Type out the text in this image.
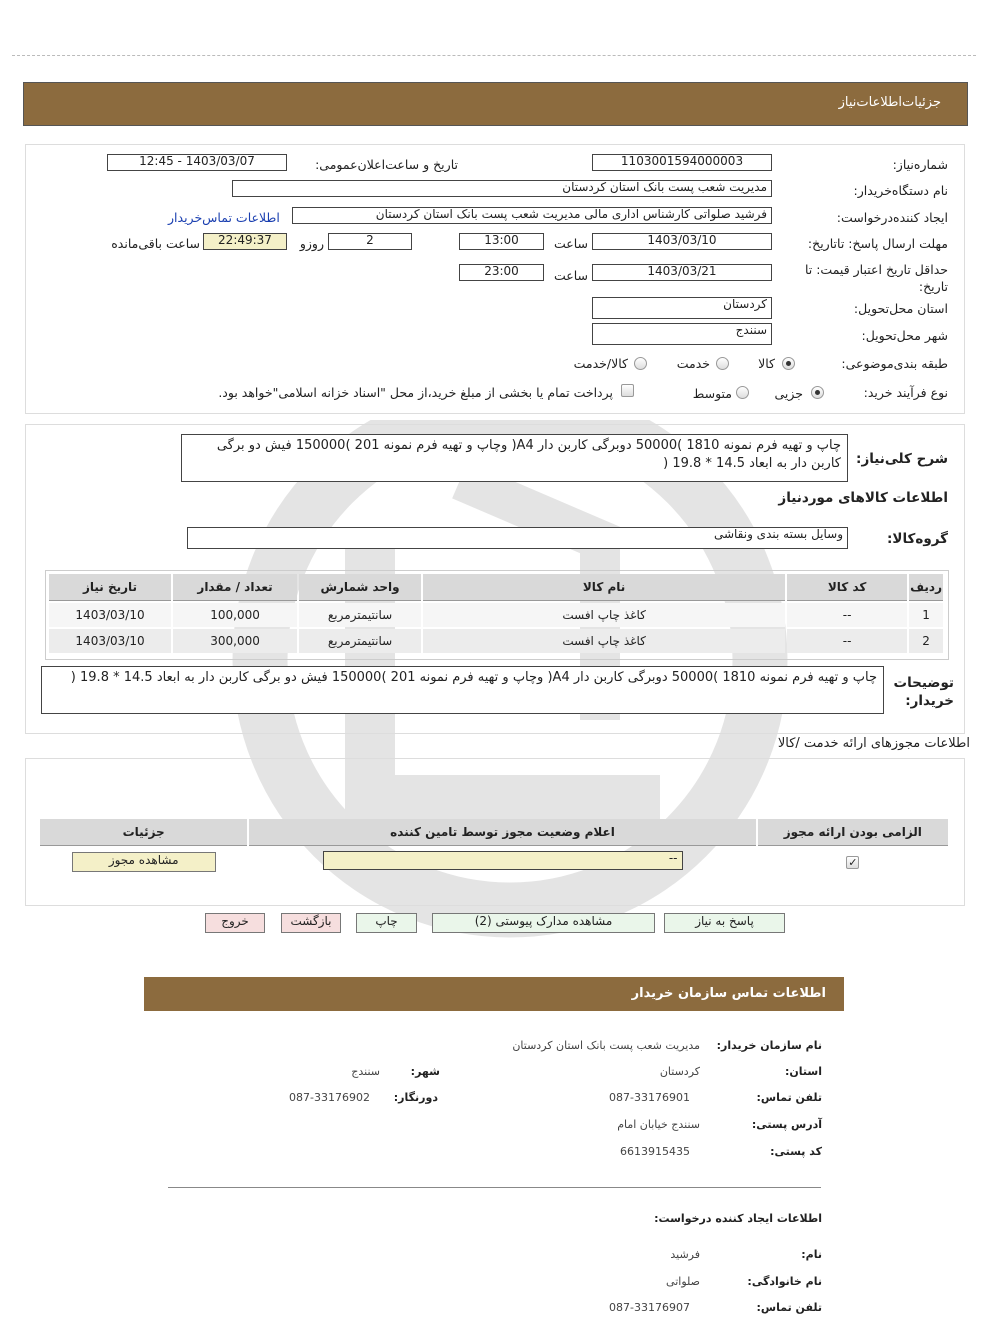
جزئیات‌اطلاعات‌نیاز
شماره‌نیاز:
1103001594000003
تاریخ و ساعت‌اعلان‌عمومی:
1403/03/07 - 12:45
نام دستگاه‌خریدار:
مدیریت شعب پست بانک استان کردستان
ایجاد کننده‌درخواست:
فرشید صلواتی کارشناس اداری مالی مدیریت شعب پست بانک استان کردستان
اطلاعات تماس‌خریدار
مهلت ارسال پاسخ: تاتاریخ:
1403/03/10
ساعت
13:00
2
روزو
22:49:37
ساعت باقی‌مانده
حداقل تاریخ اعتبار قیمت: تا تاریخ:
1403/03/21
ساعت
23:00
استان محل‌تحویل:
کردستان
شهر محل‌تحویل:
سنندج
طبقه بندی‌موضوعی:
کالا
خدمت
کالا/خدمت
نوع فرآیند خرید:
جزیی
متوسط
پرداخت تمام یا بخشی از مبلغ خرید،از محل "اسناد خزانه اسلامی"خواهد بود.
شرح کلی‌نیاز:
چاپ و تهیه فرم نمونه 1810 )50000 دوبرگی کاربن دار A4( وچاپ و تهیه فرم نمونه 201 )150000 فیش دو برگی کاربن دار به ابعاد 14.5 * 19.8 (
اطلاعات کالاهای موردنیاز
گروه‌کالا:
وسایل بسته بندی ونقاشی
ردیف	کد کالا	نام کالا	واحد شمارش	تعداد / مقدار	تاریخ نیاز
1	--	کاغذ چاپ افست	سانتیمترمربع	100,000	1403/03/10
2	--	کاغذ چاپ افست	سانتیمترمربع	300,000	1403/03/10
توضیحات خریدار:
چاپ و تهیه فرم نمونه 1810 )50000 دوبرگی کاربن دار A4( وچاپ و تهیه فرم نمونه 201 )150000 فیش دو برگی کاربن دار به ابعاد 14.5 * 19.8 (
اطلاعات مجوزهای ارائه خدمت /کالا
الزامی بودن ارائه مجوز	اعلام وضعیت مجوز توسط تامین کننده	جزئیات
✓	--	مشاهده مجوز
پاسخ به نیاز
مشاهده مدارک پیوستی (2)
چاپ
بازگشت
خروج
اطلاعات تماس سازمان خریدار
نام سازمان خریدار:
مدیریت شعب پست بانک استان کردستان
استان:
کردستان
شهر:
سنندج
تلفن تماس:
087-33176901
دورنگار:
087-33176902
آدرس پستی:
سنندج خیابان امام
کد پستی:
6613915435
اطلاعات ایجاد کننده درخواست:
نام:
فرشید
نام خانوادگی:
صلواتی
تلفن تماس:
087-33176907
